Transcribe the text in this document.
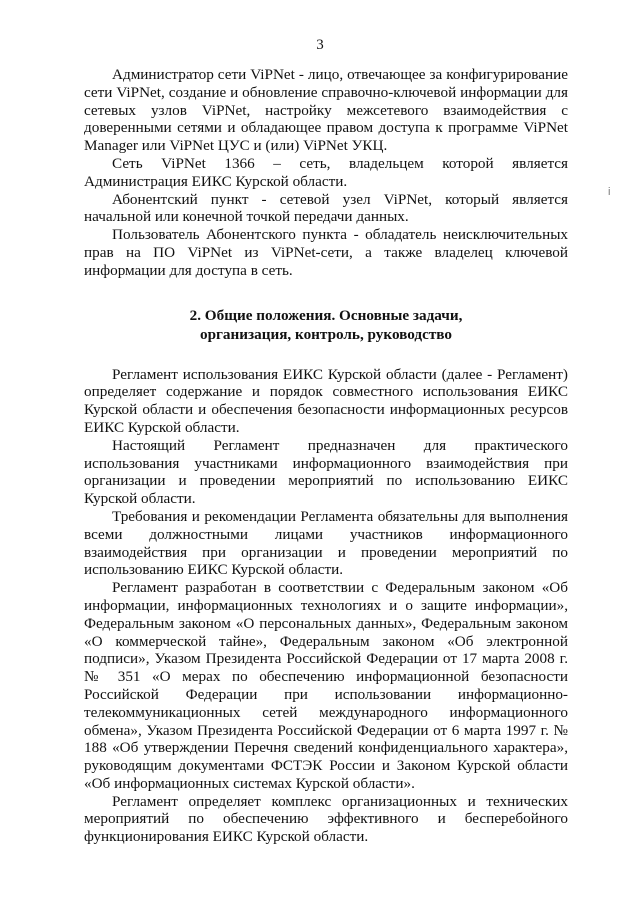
3
i

Администратор сети ViPNet - лицо, отвечающее за конфигурирование сети ViPNet, создание и обновление справочно-ключевой информации для сетевых узлов ViPNet, настройку межсетевого взаимодействия с доверенными сетями и обладающее правом доступа к программе ViPNet Manager или ViPNet ЦУС и (или) ViPNet УКЦ.

Сеть ViPNet 1366 – сеть, владельцем которой является Администрация ЕИКС Курской области.

Абонентский пункт - сетевой узел ViPNet, который является начальной или конечной точкой передачи данных.

Пользователь Абонентского пункта - обладатель неисключительных прав на ПО ViPNet из ViPNet-сети, а также владелец ключевой информации для доступа в сеть.

2. Общие положения. Основные задачи, организация, контроль, руководство

Регламент использования ЕИКС Курской области (далее - Регламент) определяет содержание и порядок совместного использования ЕИКС Курской области и обеспечения безопасности информационных ресурсов ЕИКС Курской области.

Настоящий Регламент предназначен для практического использования участниками информационного взаимодействия при организации и проведении мероприятий по использованию ЕИКС Курской области.

Требования и рекомендации Регламента обязательны для выполнения всеми должностными лицами участников информационного взаимодействия при организации и проведении мероприятий по использованию ЕИКС Курской области.

Регламент разработан в соответствии с Федеральным законом «Об информации, информационных технологиях и о защите информации», Федеральным законом «О персональных данных», Федеральным законом «О коммерческой тайне», Федеральным законом «Об электронной подписи», Указом Президента Российской Федерации от 17 марта 2008 г. № 351 «О мерах по обеспечению информационной безопасности Российской Федерации при использовании информационно-телекоммуникационных сетей международного информационного обмена», Указом Президента Российской Федерации от 6 марта 1997 г. № 188 «Об утверждении Перечня сведений конфиденциального характера», руководящим документами ФСТЭК России и Законом Курской области «Об информационных системах Курской области».

Регламент определяет комплекс организационных и технических мероприятий по обеспечению эффективного и бесперебойного функционирования ЕИКС Курской области.
